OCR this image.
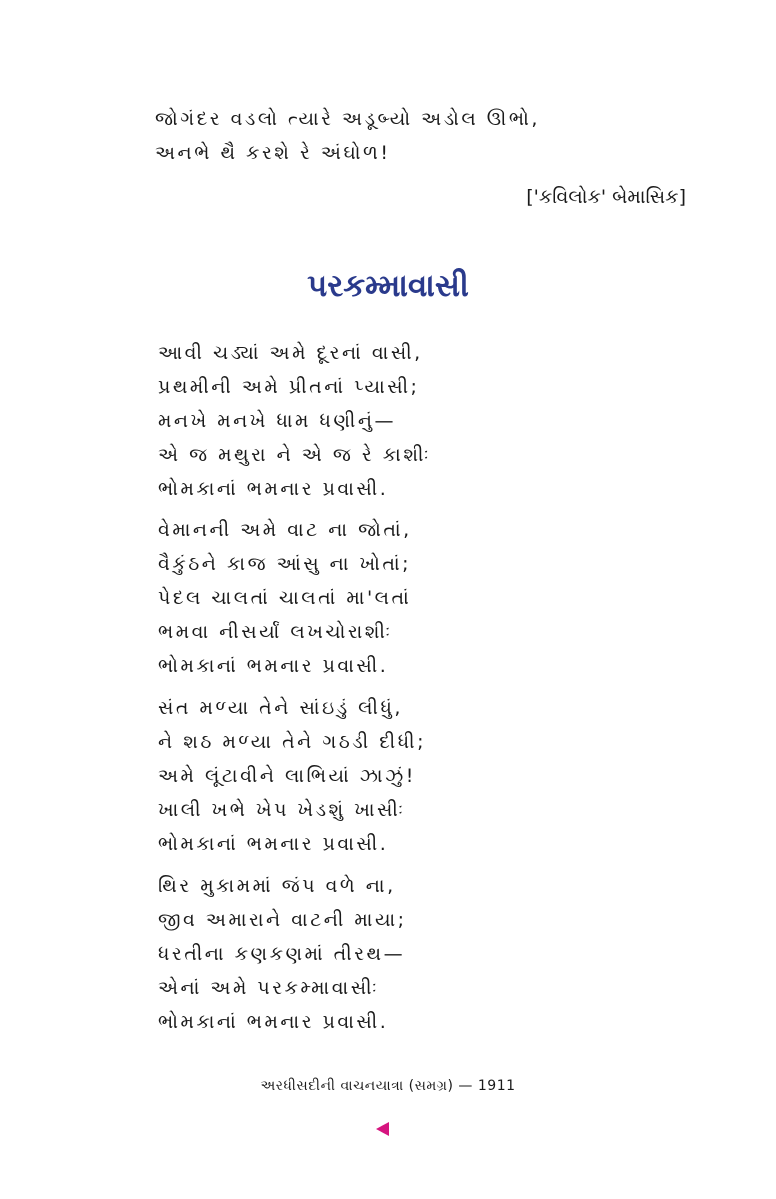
જોગંદર વડલો ત્યારે અડૂબ્યો અડોલ ઊભો,
અનભે થૈ કરશે રે અંઘોળ!
['કવિલોક' બેમાસિક]
પરકમ્માવાસી
આવી ચડ્યાં અમે દૂરનાં વાસી,
પ્રથમીની અમે પ્રીતનાં પ્યાસી;
મનખે મનખે ધામ ધણીનું—
એ જ મથુરા ને એ જ રે કાશીઃ
ભોમકાનાં ભમનાર પ્રવાસી.
વેમાનની અમે વાટ ના જોતાં,
વૈકુંઠને કાજ આંસુ ના ખોતાં;
પેદલ ચાલતાં ચાલતાં મા'લતાં
ભમવા નીસર્યાં લખચોરાશીઃ
ભોમકાનાં ભમનાર પ્રવાસી.
સંત મળ્યા તેને સાંઇડું લીધું,
ને શઠ મળ્યા તેને ગઠડી દીધી;
અમે લૂંટાવીને લાભિયાં ઝાઝું!
ખાલી ખભે ખેપ ખેડશું ખાસીઃ
ભોમકાનાં ભમનાર પ્રવાસી.
થિર મુકામમાં જંપ વળે ના,
જીવ અમારાને વાટની માયા;
ધરતીના કણકણમાં તીરથ—
એનાં અમે પરકમ્માવાસીઃ
ભોમકાનાં ભમનાર પ્રવાસી.
અરધીસદીની વાચનયાત્રા (સમગ્ર) — 1911
